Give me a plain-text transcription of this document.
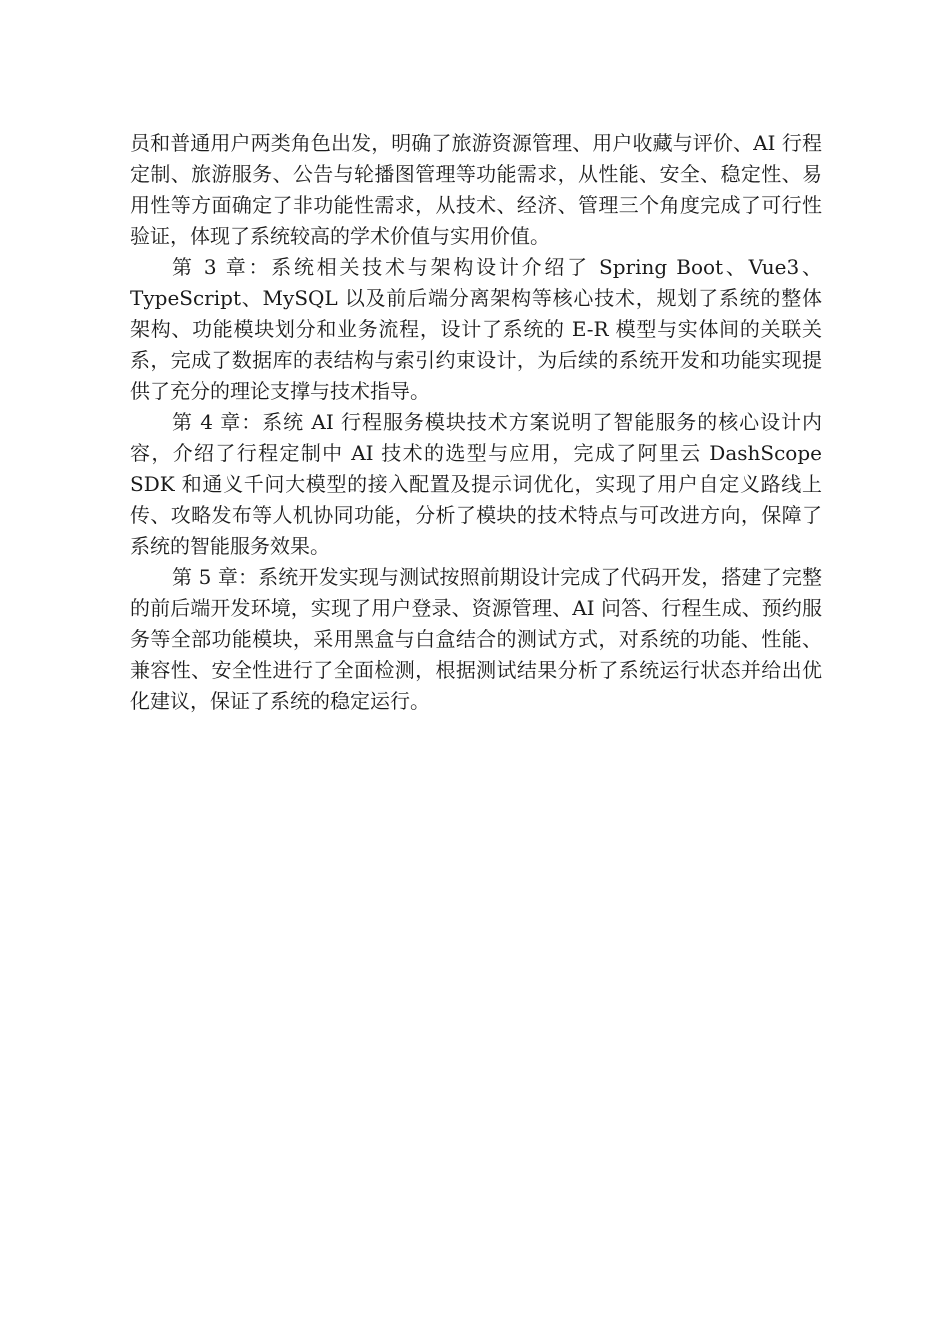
员和普通用户两类角色出发，明确了旅游资源管理、用户收藏与评价、AI 行程定制、旅游服务、公告与轮播图管理等功能需求，从性能、安全、稳定性、易用性等方面确定了非功能性需求，从技术、经济、管理三个角度完成了可行性验证，体现了系统较高的学术价值与实用价值。

第 3 章：系统相关技术与架构设计介绍了 Spring Boot、Vue3、TypeScript、MySQL 以及前后端分离架构等核心技术，规划了系统的整体架构、功能模块划分和业务流程，设计了系统的 E-R 模型与实体间的关联关系，完成了数据库的表结构与索引约束设计，为后续的系统开发和功能实现提供了充分的理论支撑与技术指导。

第 4 章：系统 AI 行程服务模块技术方案说明了智能服务的核心设计内容，介绍了行程定制中 AI 技术的选型与应用，完成了阿里云 DashScope SDK 和通义千问大模型的接入配置及提示词优化，实现了用户自定义路线上传、攻略发布等人机协同功能，分析了模块的技术特点与可改进方向，保障了系统的智能服务效果。

第 5 章：系统开发实现与测试按照前期设计完成了代码开发，搭建了完整的前后端开发环境，实现了用户登录、资源管理、AI 问答、行程生成、预约服务等全部功能模块，采用黑盒与白盒结合的测试方式，对系统的功能、性能、兼容性、安全性进行了全面检测，根据测试结果分析了系统运行状态并给出优化建议，保证了系统的稳定运行。
